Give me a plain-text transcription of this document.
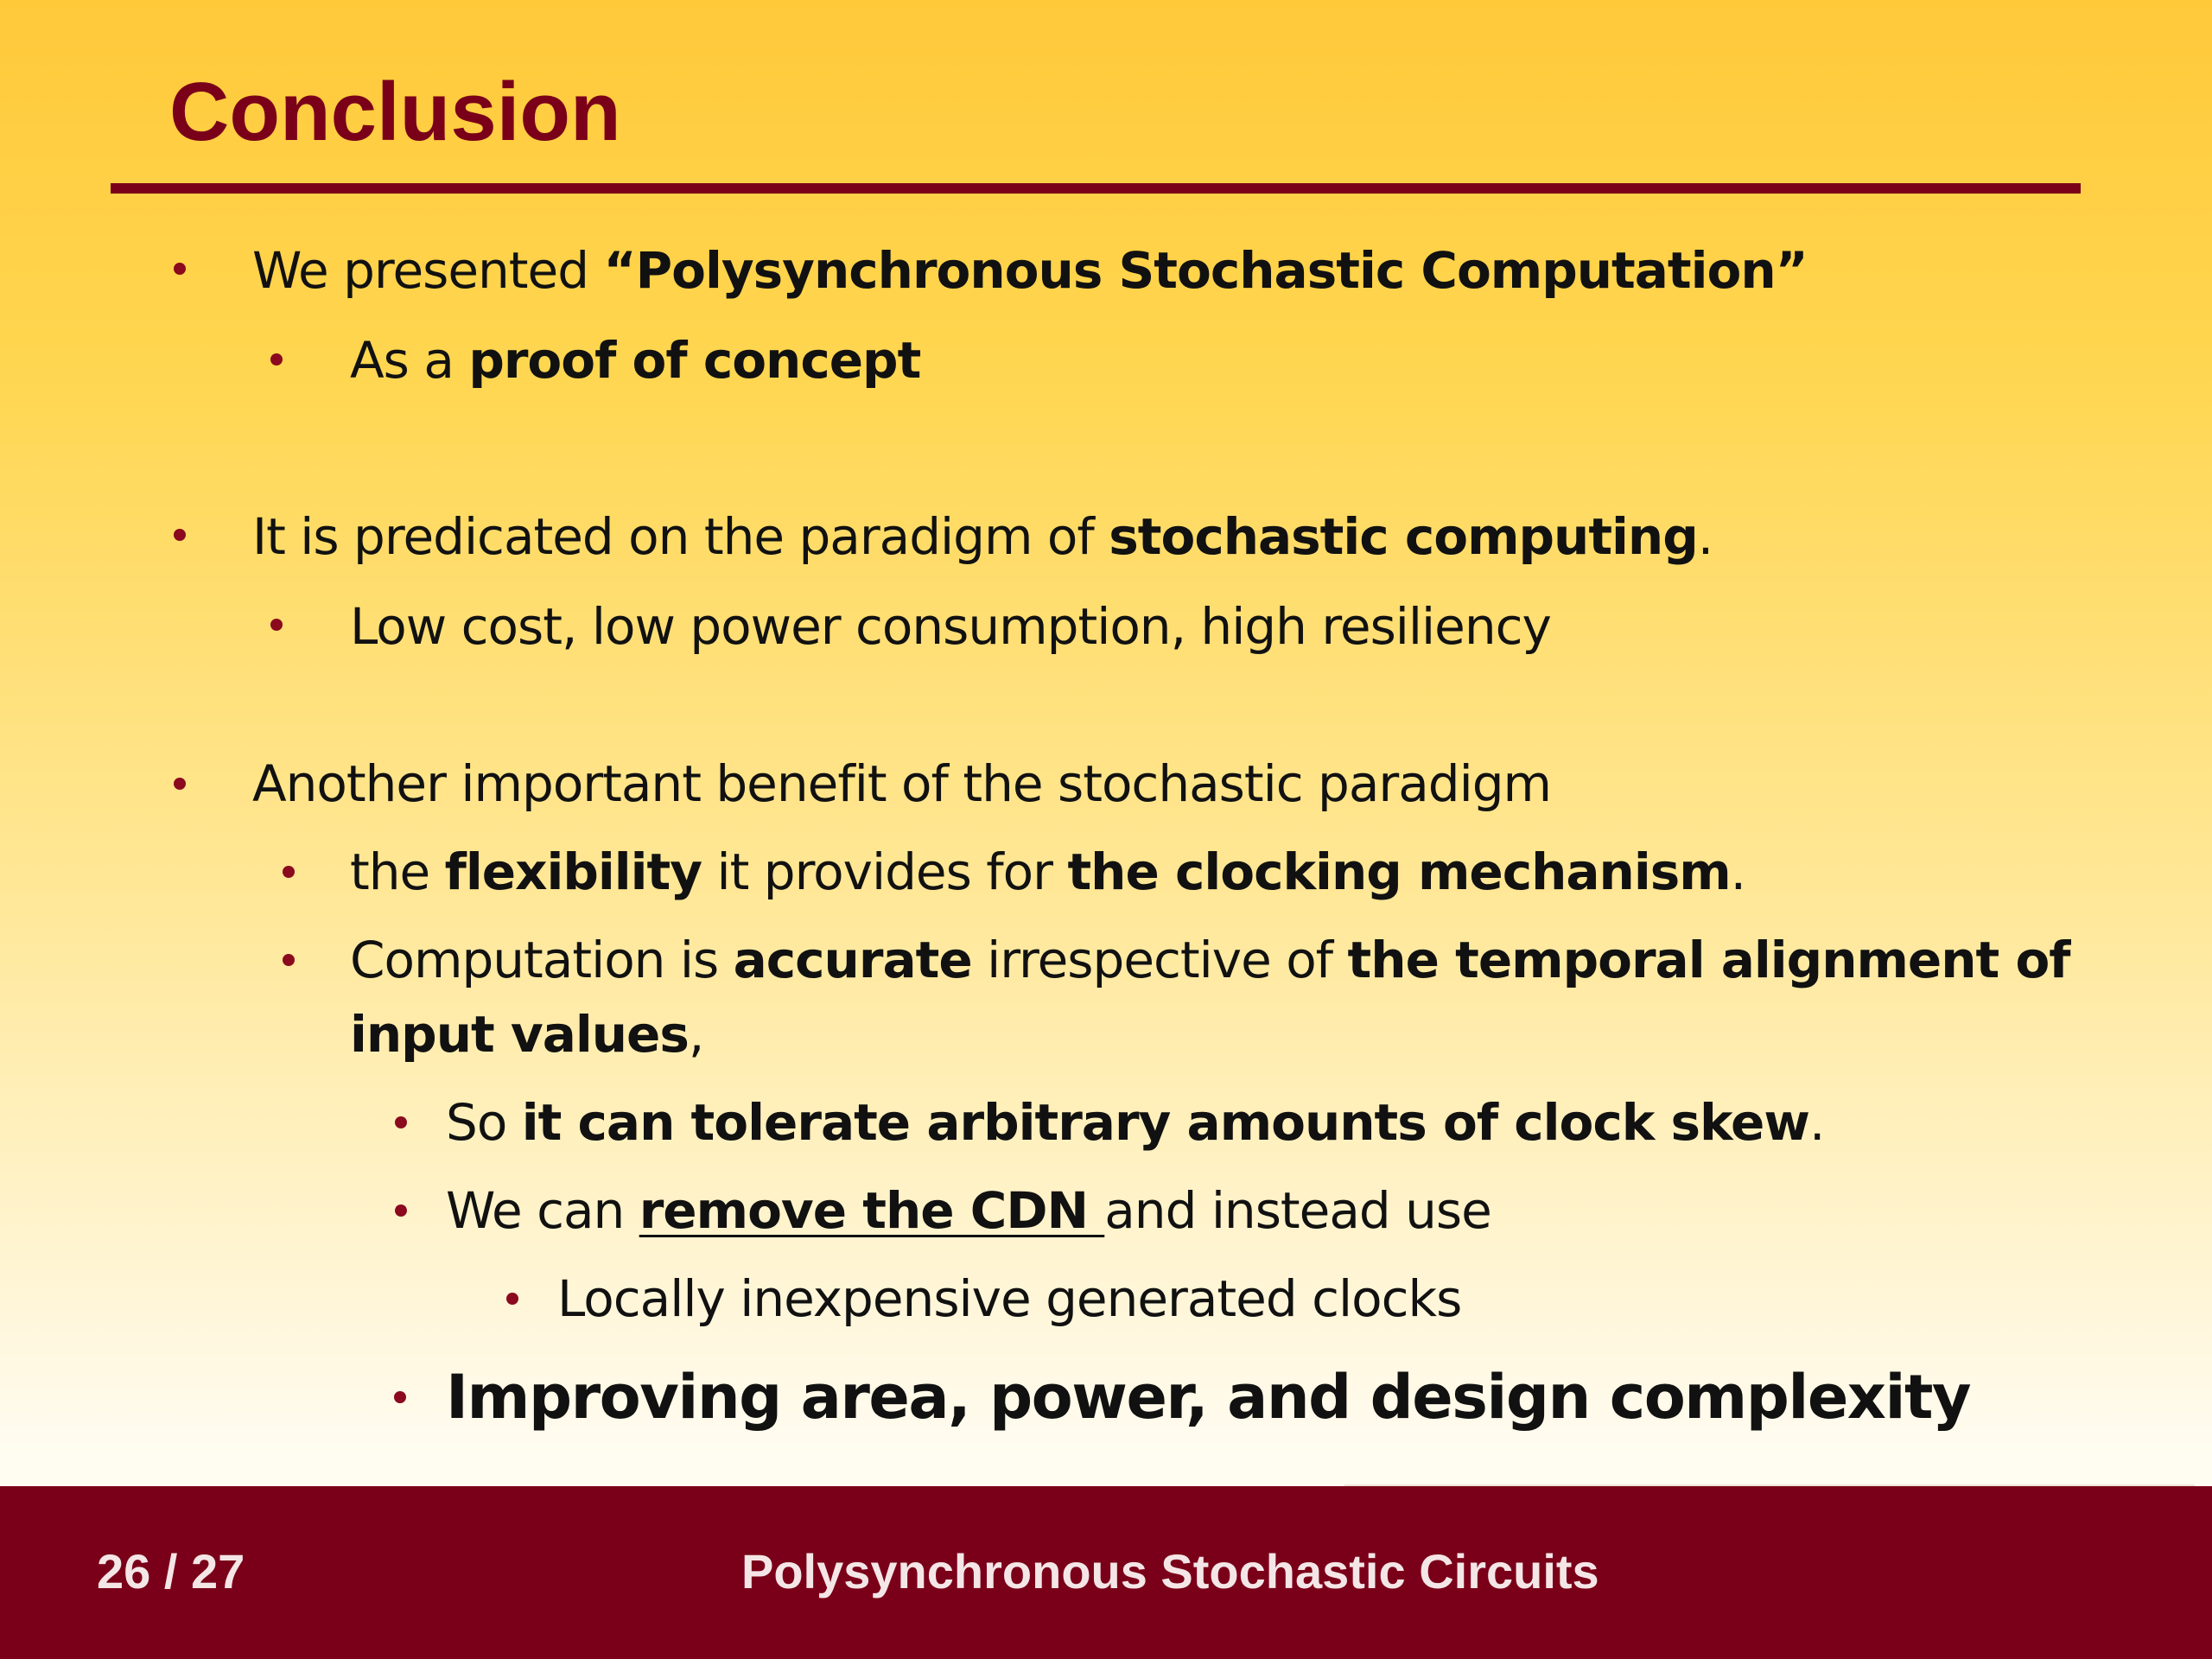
Conclusion

We presented “Polysynchronous Stochastic Computation”

As a proof of concept

It is predicated on the paradigm of stochastic computing.

Low cost, low power consumption, high resiliency

Another important benefit of the stochastic paradigm

the flexibility it provides for the clocking mechanism.

Computation is accurate irrespective of the temporal alignment of

input values,

So it can tolerate arbitrary amounts of clock skew.

We can remove the CDN and instead use

Locally inexpensive generated clocks

Improving area, power, and design complexity

26 / 27	Polysynchronous Stochastic Circuits
